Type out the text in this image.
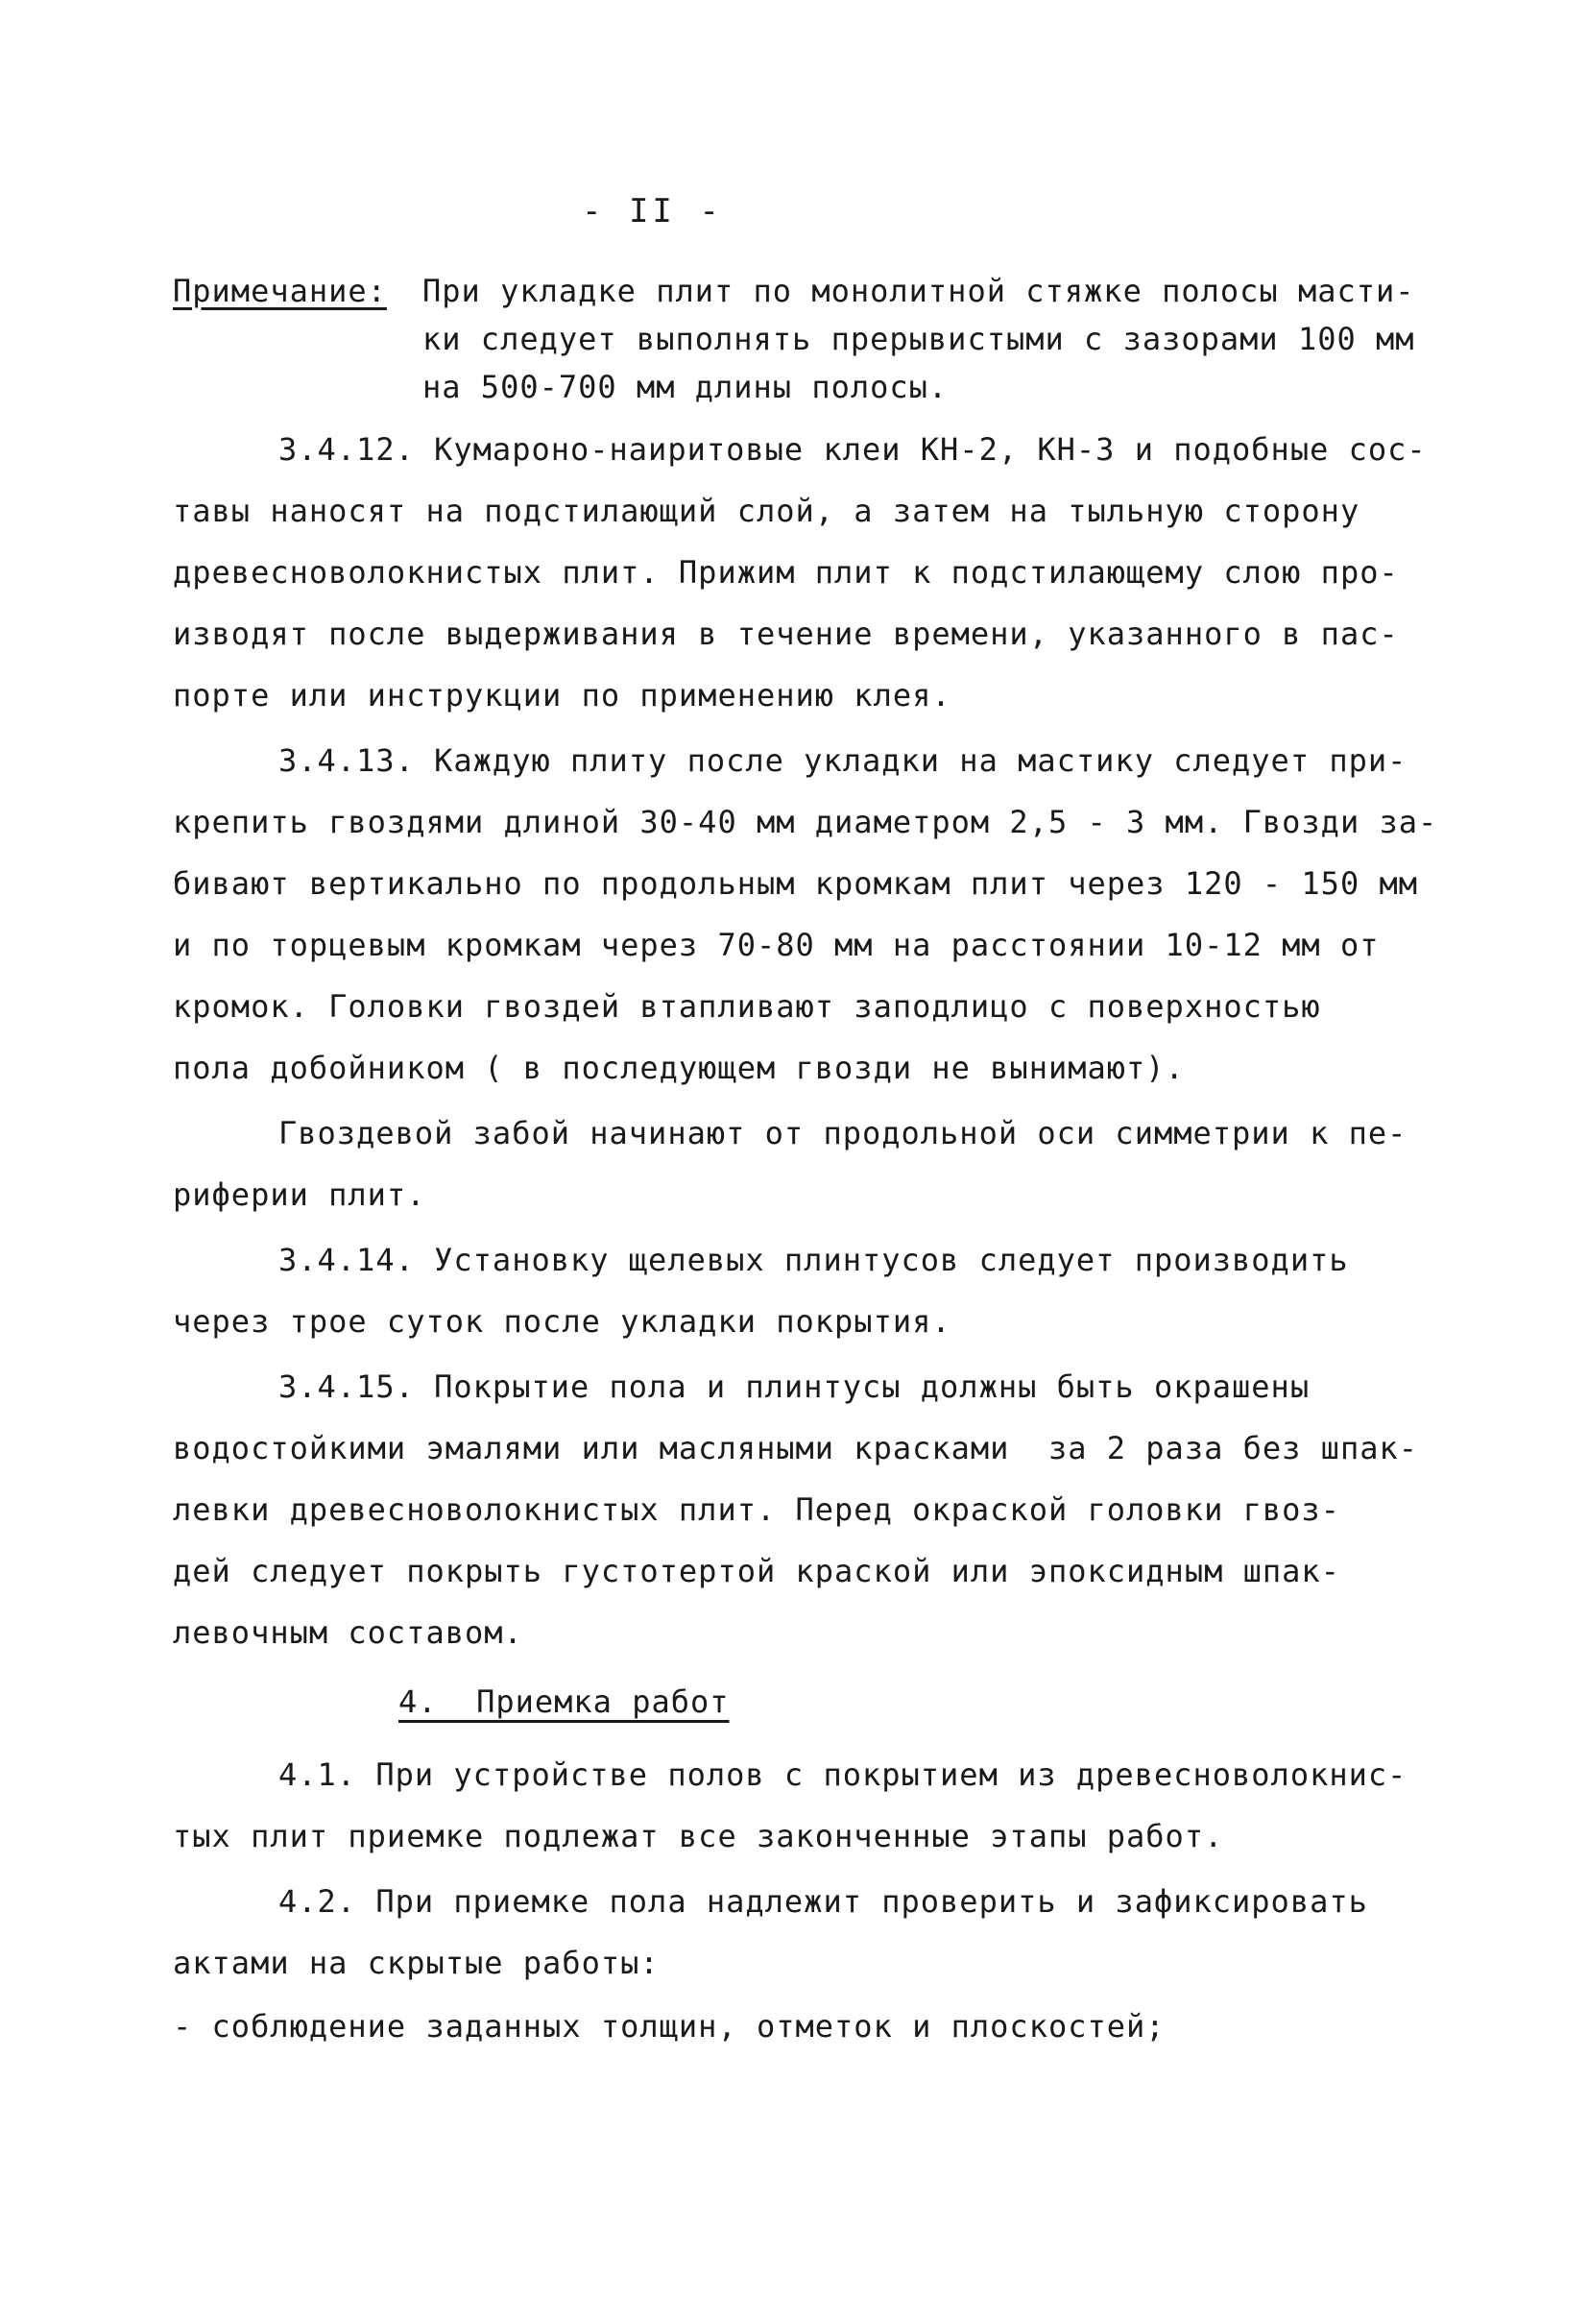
- II -
Примечание: При укладке плит по монолитной стяжке полосы масти-
ки следует выполнять прерывистыми с зазорами 100 мм
на 500-700 мм длины полосы.
3.4.12. Кумароно-наиритовые клеи КН-2, КН-3 и подобные сос-
тавы наносят на подстилающий слой, а затем на тыльную сторону
древесноволокнистых плит. Прижим плит к подстилающему слою про-
изводят после выдерживания в течение времени, указанного в пас-
порте или инструкции по применению клея.
3.4.13. Каждую плиту после укладки на мастику следует при-
крепить гвоздями длиной 30-40 мм диаметром 2,5 - 3 мм. Гвозди за-
бивают вертикально по продольным кромкам плит через 120 - 150 мм
и по торцевым кромкам через 70-80 мм на расстоянии 10-12 мм от
кромок. Головки гвоздей втапливают заподлицо с поверхностью
пола добойником ( в последующем гвозди не вынимают).
Гвоздевой забой начинают от продольной оси симметрии к пе-
риферии плит.
3.4.14. Установку щелевых плинтусов следует производить
через трое суток после укладки покрытия.
3.4.15. Покрытие пола и плинтусы должны быть окрашены
водостойкими эмалями или масляными красками  за 2 раза без шпак-
левки древесноволокнистых плит. Перед окраской головки гвоз-
дей следует покрыть густотертой краской или эпоксидным шпак-
левочным составом.
4.  Приемка работ
4.1. При устройстве полов с покрытием из древесноволокнис-
тых плит приемке подлежат все законченные этапы работ.
4.2. При приемке пола надлежит проверить и зафиксировать
актами на скрытые работы:
- соблюдение заданных толщин, отметок и плоскостей;
